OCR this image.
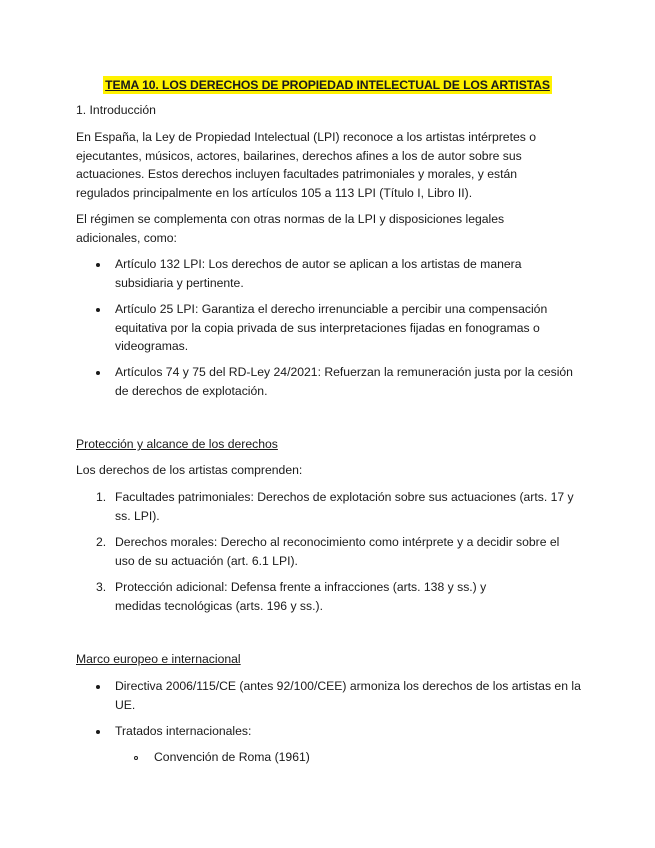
TEMA 10. LOS DERECHOS DE PROPIEDAD INTELECTUAL DE LOS ARTISTAS

1. Introducción

En España, la Ley de Propiedad Intelectual (LPI) reconoce a los artistas intérpretes o ejecutantes, músicos, actores, bailarines, derechos afines a los de autor sobre sus actuaciones. Estos derechos incluyen facultades patrimoniales y morales, y están regulados principalmente en los artículos 105 a 113 LPI (Título I, Libro II).

El régimen se complementa con otras normas de la LPI y disposiciones legales adicionales, como:

Artículo 132 LPI: Los derechos de autor se aplican a los artistas de manera subsidiaria y pertinente.

Artículo 25 LPI: Garantiza el derecho irrenunciable a percibir una compensación equitativa por la copia privada de sus interpretaciones fijadas en fonogramas o videogramas.

Artículos 74 y 75 del RD-Ley 24/2021: Refuerzan la remuneración justa por la cesión de derechos de explotación.

Protección y alcance de los derechos

Los derechos de los artistas comprenden:

1. Facultades patrimoniales: Derechos de explotación sobre sus actuaciones (arts. 17 y ss. LPI).

2. Derechos morales: Derecho al reconocimiento como intérprete y a decidir sobre el uso de su actuación (art. 6.1 LPI).

3. Protección adicional: Defensa frente a infracciones (arts. 138 y ss.) y medidas tecnológicas (arts. 196 y ss.).

Marco europeo e internacional

Directiva 2006/115/CE (antes 92/100/CEE) armoniza los derechos de los artistas en la UE.

Tratados internacionales:

Convención de Roma (1961)
